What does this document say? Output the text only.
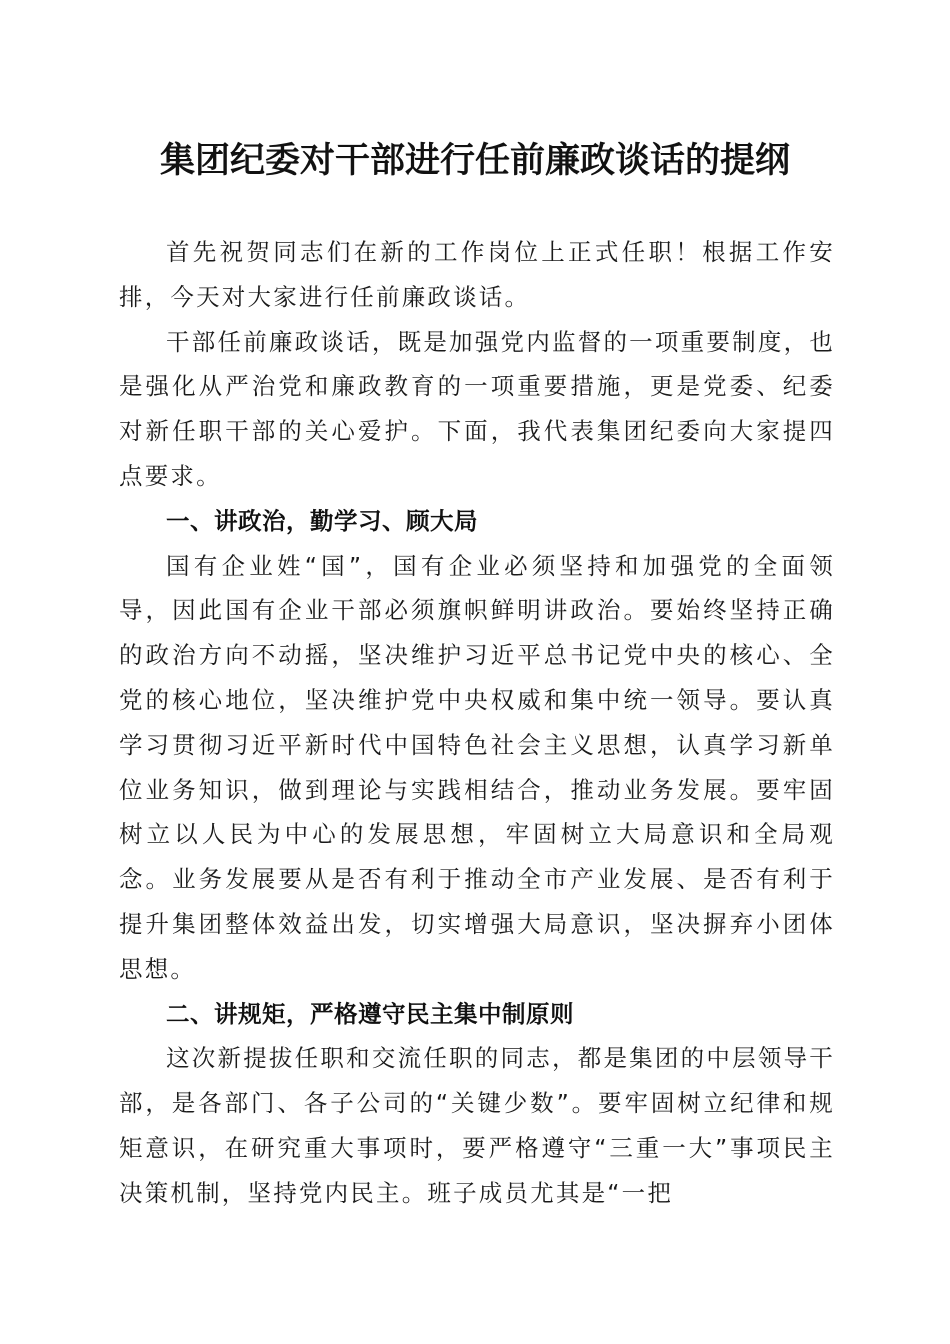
集团纪委对干部进行任前廉政谈话的提纲

首先祝贺同志们在新的工作岗位上正式任职！根据工作安排，今天对大家进行任前廉政谈话。

干部任前廉政谈话，既是加强党内监督的一项重要制度，也是强化从严治党和廉政教育的一项重要措施，更是党委、纪委对新任职干部的关心爱护。下面，我代表集团纪委向大家提四点要求。

一、讲政治，勤学习、顾大局

国有企业姓“国”，国有企业必须坚持和加强党的全面领导，因此国有企业干部必须旗帜鲜明讲政治。要始终坚持正确的政治方向不动摇，坚决维护习近平总书记党中央的核心、全党的核心地位，坚决维护党中央权威和集中统一领导。要认真学习贯彻习近平新时代中国特色社会主义思想，认真学习新单位业务知识，做到理论与实践相结合，推动业务发展。要牢固树立以人民为中心的发展思想，牢固树立大局意识和全局观念。业务发展要从是否有利于推动全市产业发展、是否有利于提升集团整体效益出发，切实增强大局意识，坚决摒弃小团体思想。

二、讲规矩，严格遵守民主集中制原则

这次新提拔任职和交流任职的同志，都是集团的中层领导干部，是各部门、各子公司的“关键少数”。要牢固树立纪律和规矩意识，在研究重大事项时，要严格遵守“三重一大”事项民主决策机制，坚持党内民主。班子成员尤其是“一把
